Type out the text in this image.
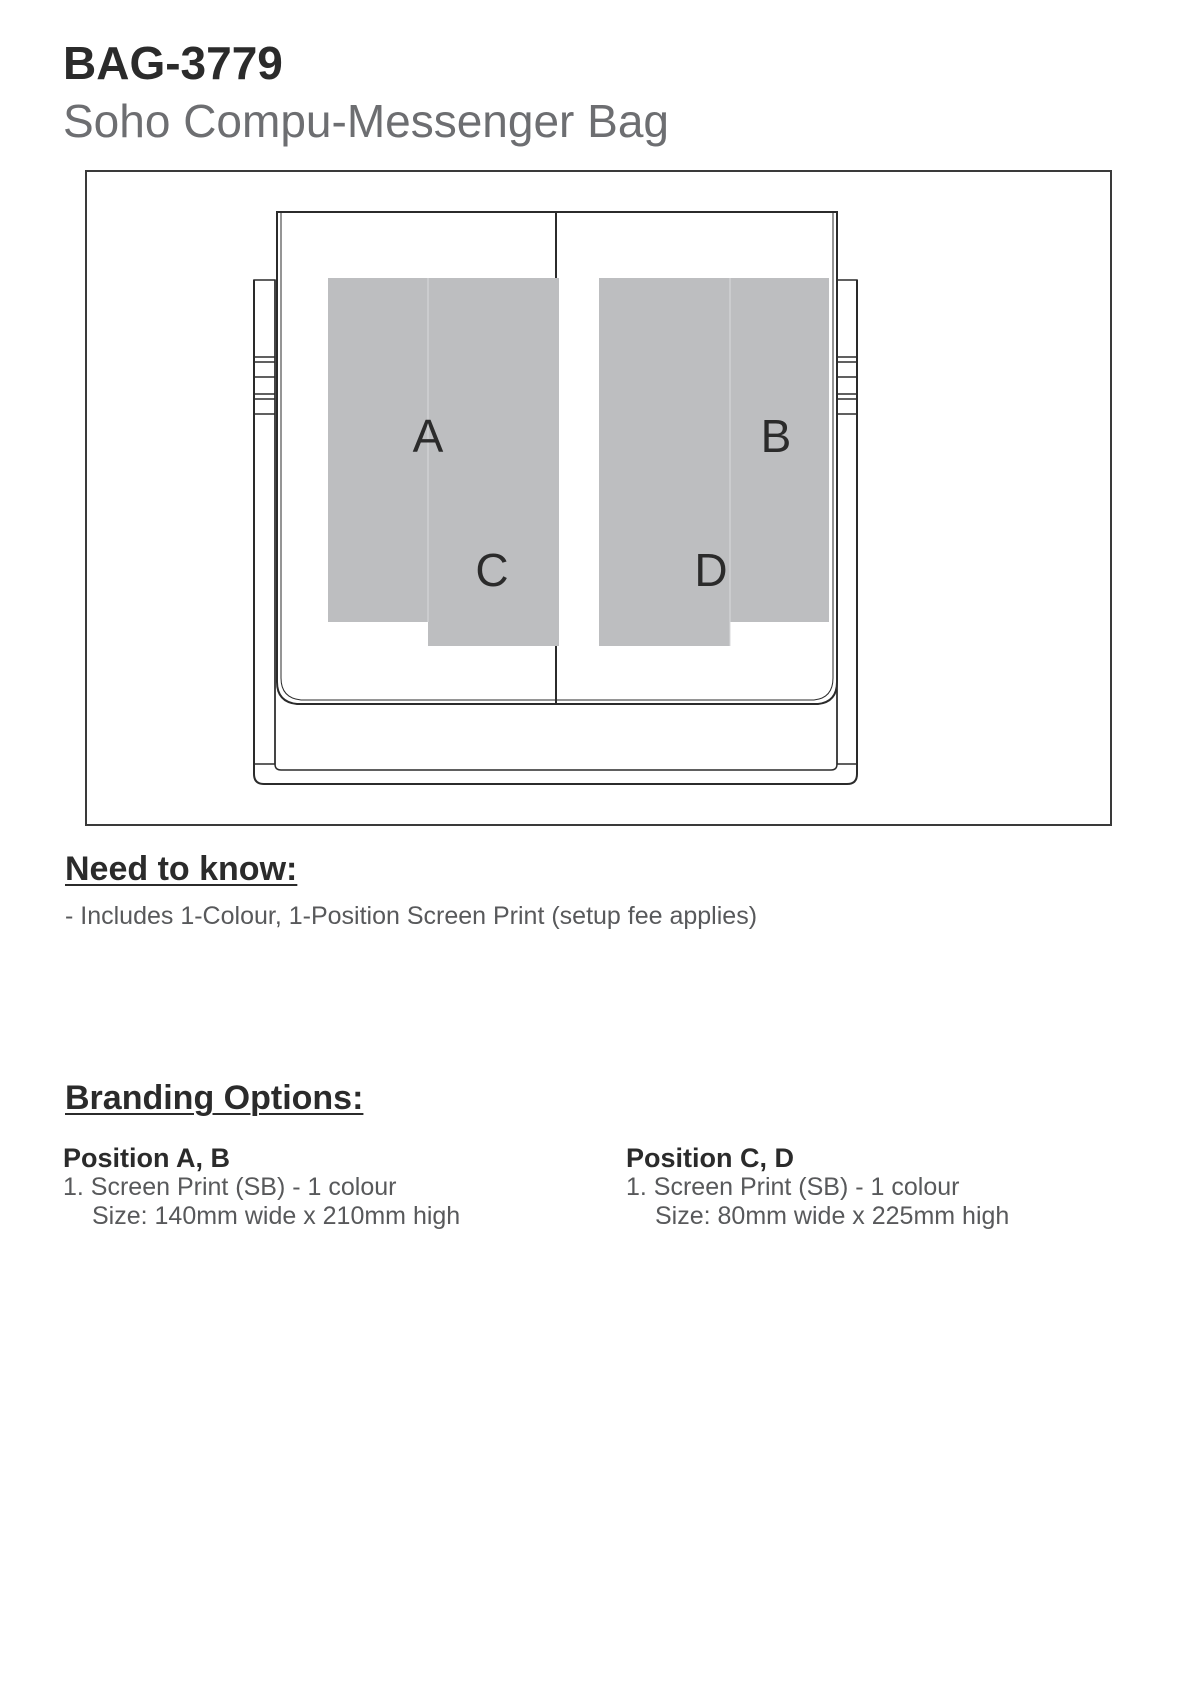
BAG-3779
Soho Compu-Messenger Bag
A	B
C	D
Need to know:
- Includes 1-Colour, 1-Position Screen Print (setup fee applies)
Branding Options:
Position A, B
1. Screen Print (SB) - 1 colour
Size: 140mm wide x 210mm high
Position C, D
1. Screen Print (SB) - 1 colour
Size: 80mm wide x 225mm high
